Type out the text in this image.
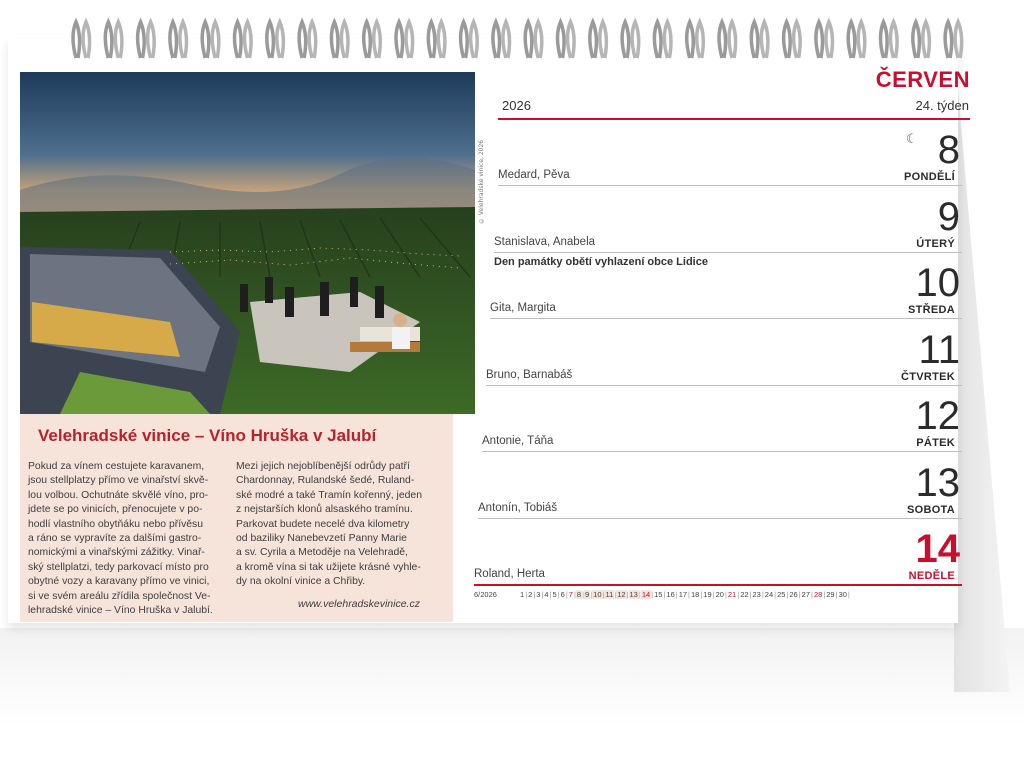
© Velehradské vinice, 2026
Velehradské vinice – Víno Hruška v Jalubí
Pokud za vínem cestujete karavanem,
jsou stellplatzy přímo ve vinařství skvě-
lou volbou. Ochutnáte skvělé víno, pro-
jdete se po vinicích, přenocujete v po-
hodlí vlastního obytňáku nebo přívěsu
a ráno se vypravíte za dalšími gastro-
nomickými a vinařskými zážitky. Vinař-
ský stellplatzi, tedy parkovací místo pro
obytné vozy a karavany přímo ve vinici,
si ve svém areálu zřídila společnost Ve-
lehradské vinice – Víno Hruška v Jalubí.
Mezi jejich nejoblíbenější odrůdy patří
Chardonnay, Rulandské šedé, Ruland-
ské modré a také Tramín kořenný, jeden
z nejstarších klonů alsaského tramínu.
Parkovat budete necelé dva kilometry
od baziliky Nanebevzetí Panny Marie
a sv. Cyrila a Metoděje na Velehradě,
a kromě vína si tak užijete krásné vyhle-
dy na okolní vinice a Chřiby.
www.velehradskevinice.cz
ČERVEN
2026	24. týden
☾
Den památky obětí vyhlazení obce Lidice
8
PONDĚLÍ
Medard, Pěva
9
ÚTERÝ
Stanislava, Anabela
10
STŘEDA
Gita, Margita
11
ČTVRTEK
Bruno, Barnabáš
12
PÁTEK
Antonie, Táňa
13
SOBOTA
Antonín, Tobiáš
14
NEDĚLE
Roland, Herta
6/2026	1|2|3|4|5|6|7 8 9 10 11 12 13 14|15|16|17|18|19|20|21|22|23|24|25|26|27|28|29|30|
